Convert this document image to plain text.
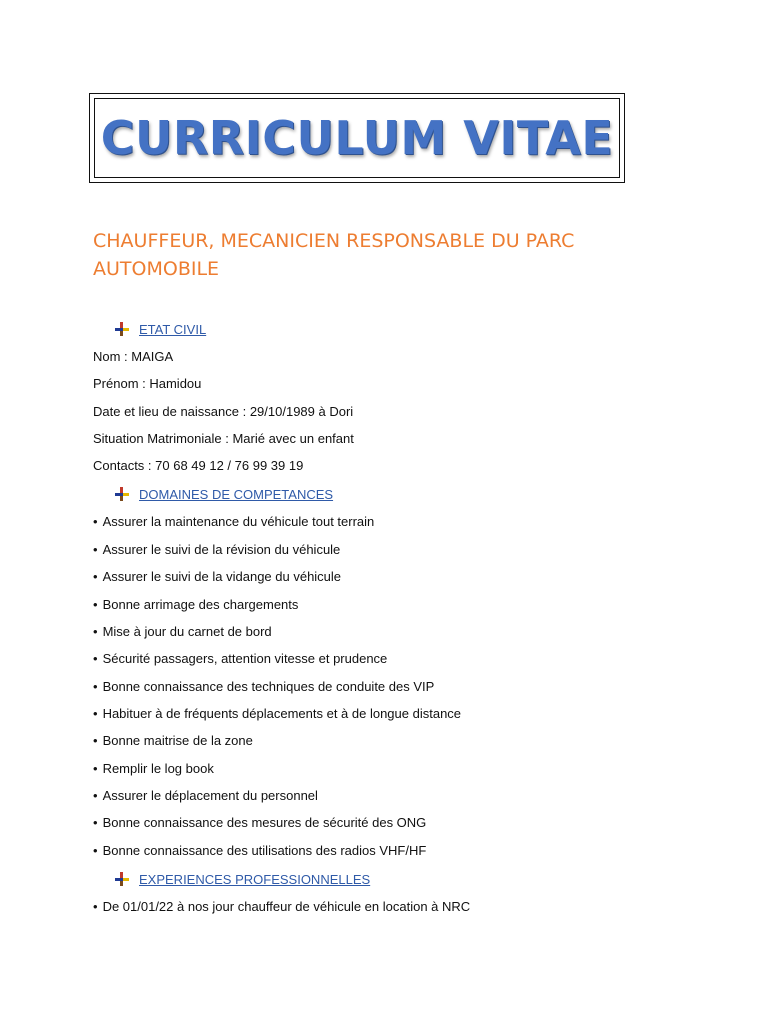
CURRICULUM VITAE
CHAUFFEUR, MECANICIEN RESPONSABLE DU PARC AUTOMOBILE
ETAT CIVIL
Nom : MAIGA
Prénom : Hamidou
Date et lieu de naissance : 29/10/1989 à Dori
Situation Matrimoniale : Marié avec un enfant
Contacts : 70 68 49 12 / 76 99 39 19
DOMAINES DE COMPETANCES
• Assurer la maintenance du véhicule tout terrain
• Assurer le suivi de la révision du véhicule
• Assurer le suivi de la vidange du véhicule
• Bonne arrimage des chargements
• Mise à jour du carnet de bord
• Sécurité passagers, attention vitesse et prudence
• Bonne connaissance des techniques de conduite des VIP
• Habituer à de fréquents déplacements et à de longue distance
• Bonne maitrise de la zone
• Remplir le log book
• Assurer le déplacement du personnel
• Bonne connaissance des mesures de sécurité des ONG
• Bonne connaissance des utilisations des radios VHF/HF
EXPERIENCES PROFESSIONNELLES
• De 01/01/22 à nos jour chauffeur de véhicule en location à NRC
